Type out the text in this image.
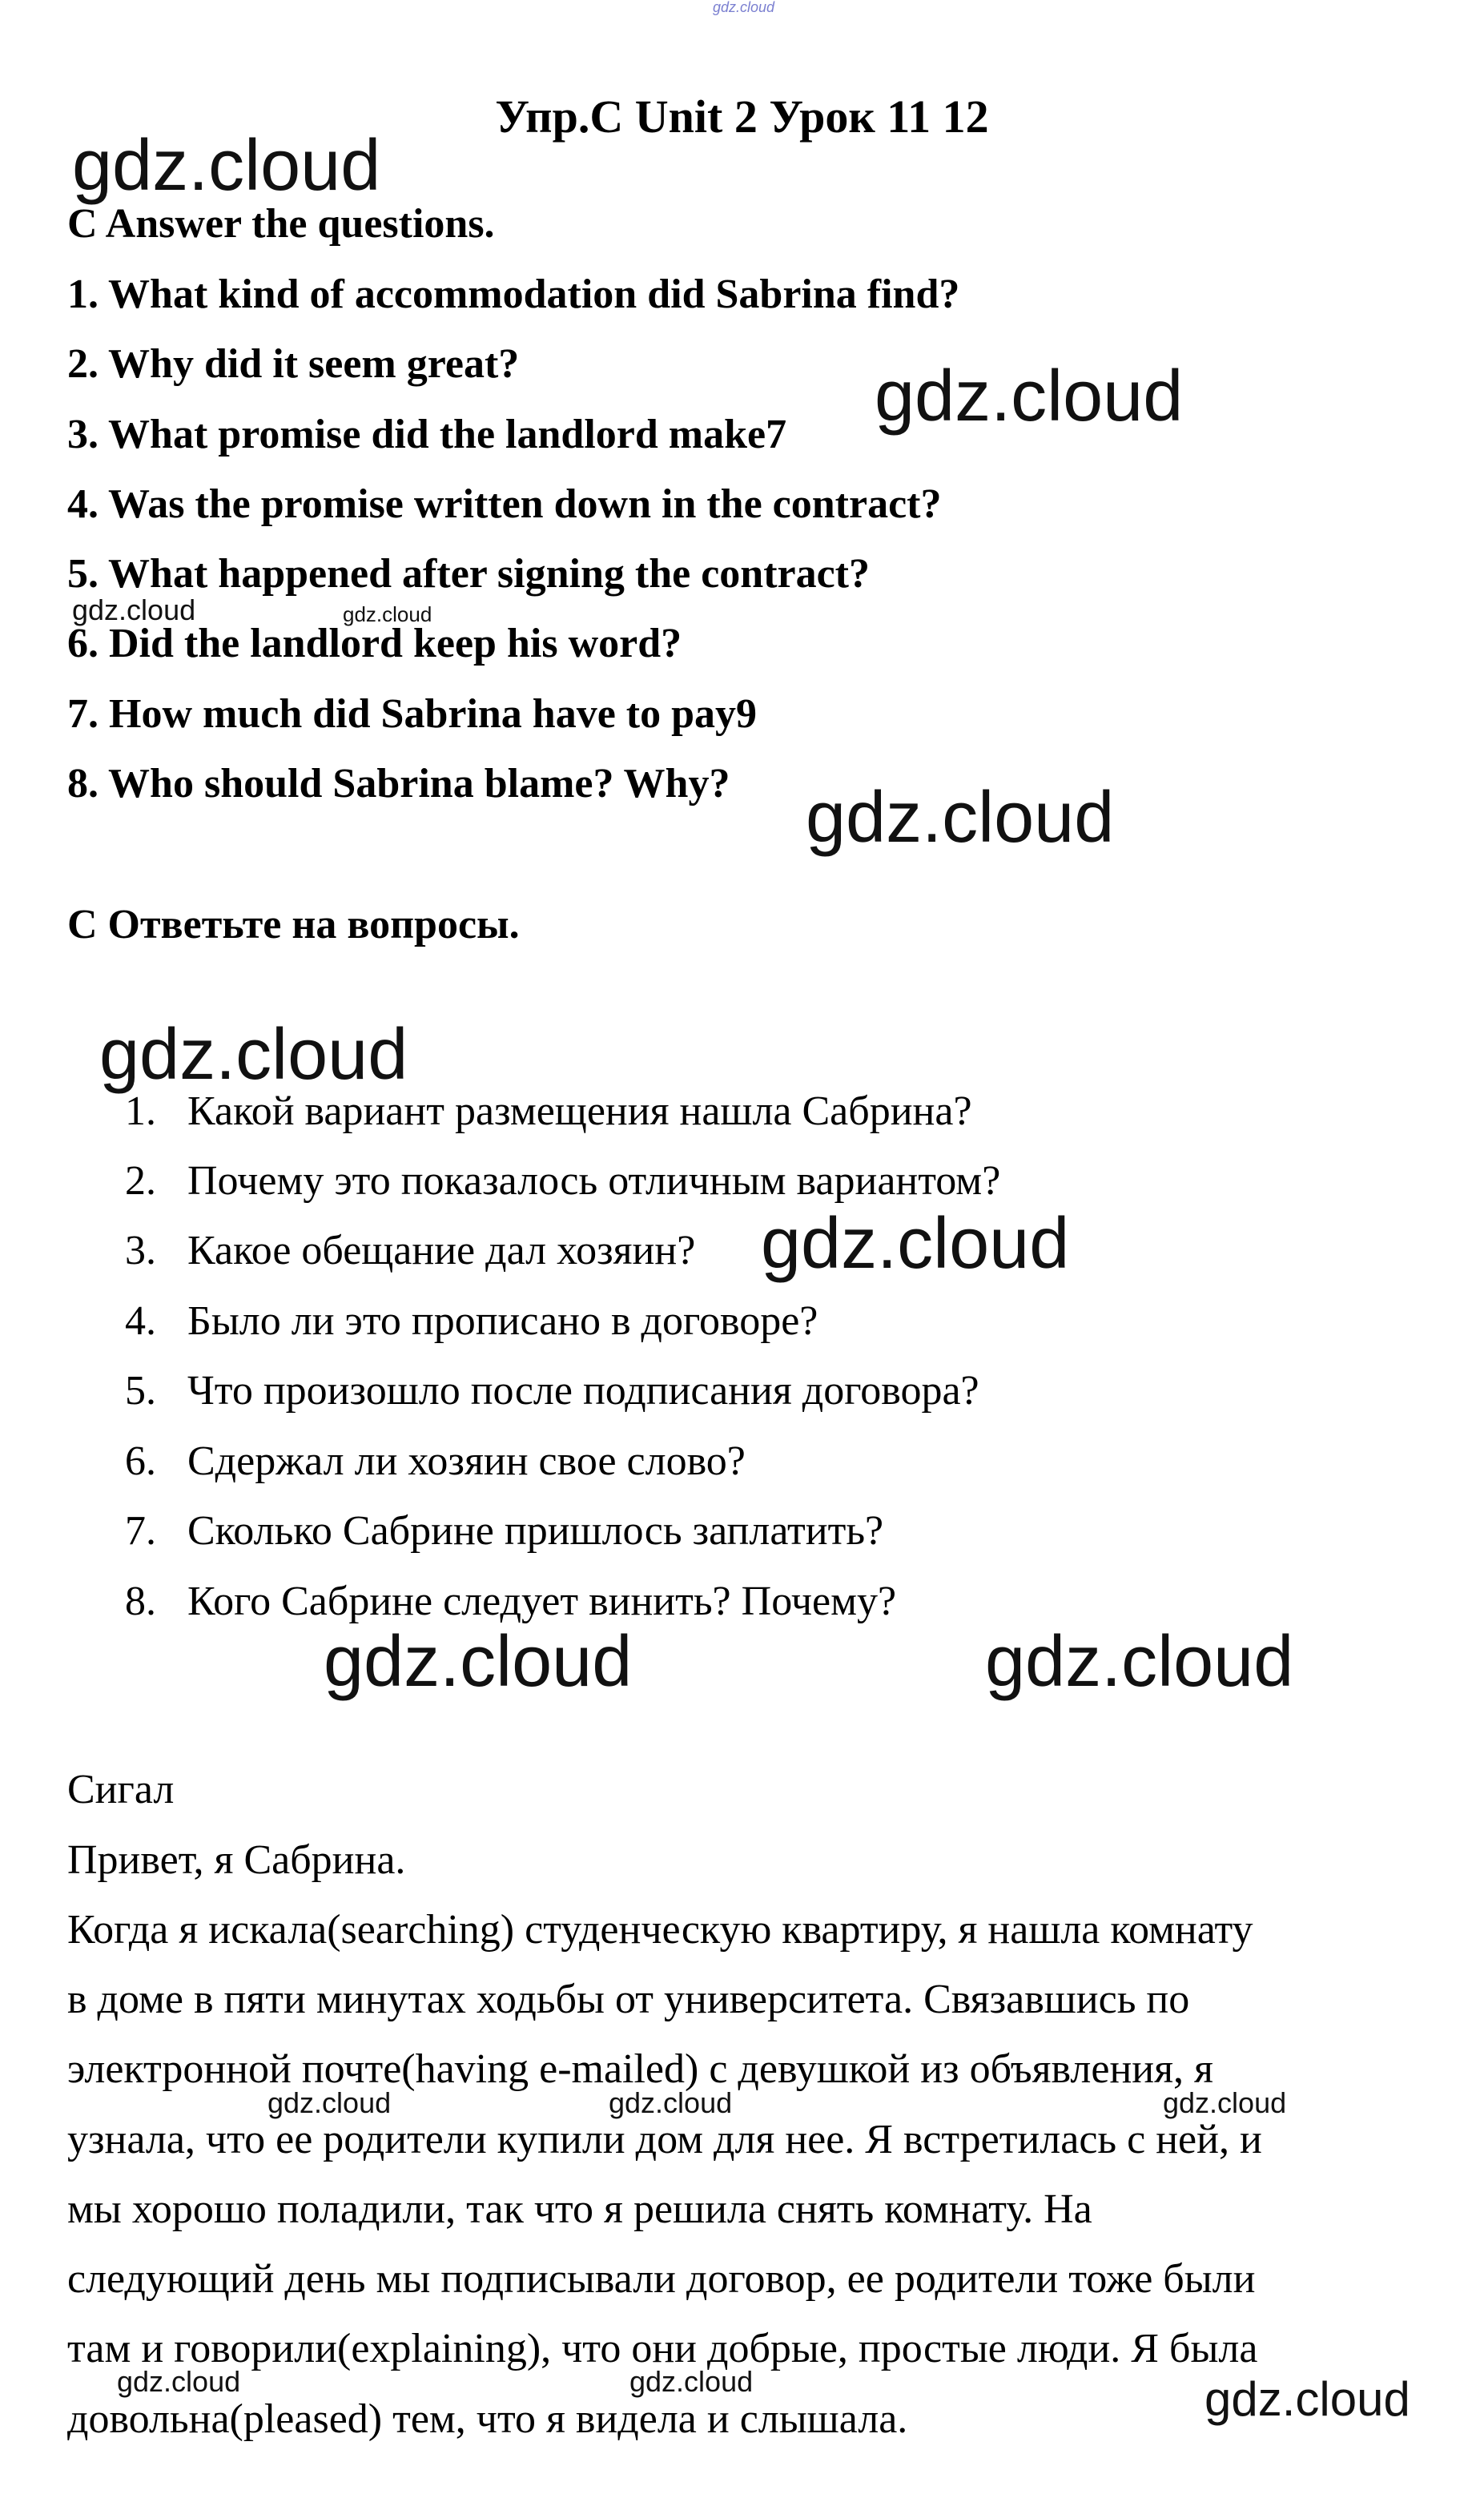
gdz.cloud
Упр.C Unit 2 Урок 11 12
C Answer the questions.
1. What kind of accommodation did Sabrina find?
2. Why did it seem great?
3. What promise did the landlord make7
4. Was the promise written down in the contract?
5. What happened after signing the contract?
6. Did the landlord keep his word?
7. How much did Sabrina have to pay9
8. Who should Sabrina blame? Why?
C Ответьте на вопросы.
1. Какой вариант размещения нашла Сабрина?
2. Почему это показалось отличным вариантом?
3. Какое обещание дал хозяин?
4. Было ли это прописано в договоре?
5. Что произошло после подписания договора?
6. Сдержал ли хозяин свое слово?
7. Сколько Сабрине пришлось заплатить?
8. Кого Сабрине следует винить? Почему?
Сигал
Привет, я Сабрина.
Когда я искала(searching) студенческую квартиру, я нашла комнату
в доме в пяти минутах ходьбы от университета. Связавшись по
электронной почте(having e-mailed) с девушкой из объявления, я
узнала, что ее родители купили дом для нее. Я встретилась с ней, и
мы хорошо поладили, так что я решила снять комнату. На
следующий день мы подписывали договор, ее родители тоже были
там и говорили(explaining), что они добрые, простые люди. Я была
довольна(pleased) тем, что я видела и слышала.
gdz.cloud
gdz.cloud
gdz.cloud	gdz.cloud
gdz.cloud
gdz.cloud
gdz.cloud
gdz.cloud	gdz.cloud
gdz.cloud	gdz.cloud	gdz.cloud
gdz.cloud	gdz.cloud	gdz.cloud
